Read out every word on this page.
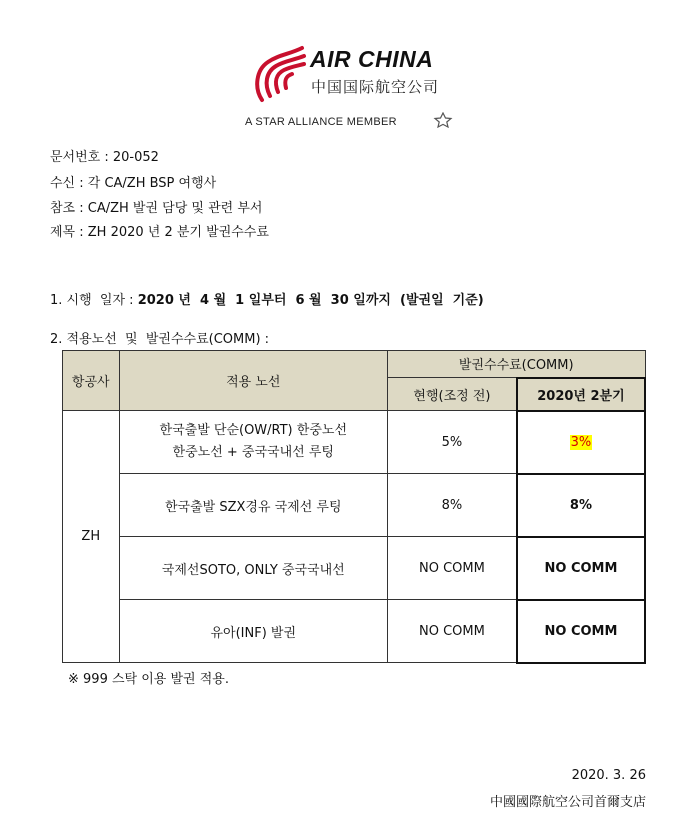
AIR CHINA
中国国际航空公司
A STAR ALLIANCE MEMBER
문서번호 : 20-052
수신 : 각 CA/ZH BSP 여행사
참조 : CA/ZH 발권 담당 및 관련 부서
제목 : ZH 2020 년 2 분기 발권수수료
1. 시행  일자 : 2020 년  4 월  1 일부터  6 월  30 일까지  (발권일  기준)
2. 적용노선  및  발권수수료(COMM) :
항공사	적용 노선	발권수수료(COMM)	
		현행(조정 전)	2020년 2분기
ZH	한국출발 단순(OW/RT) 한중노선
한중노선 + 중국국내선 루팅	5%	3%
	한국출발 SZX경유 국제선 루팅	8%	8%
	국제선SOTO, ONLY 중국국내선	NO COMM	NO COMM
	유아(INF) 발권	NO COMM	NO COMM
※ 999 스탁 이용 발권 적용.
2020. 3. 26
中國國際航空公司首爾支店
